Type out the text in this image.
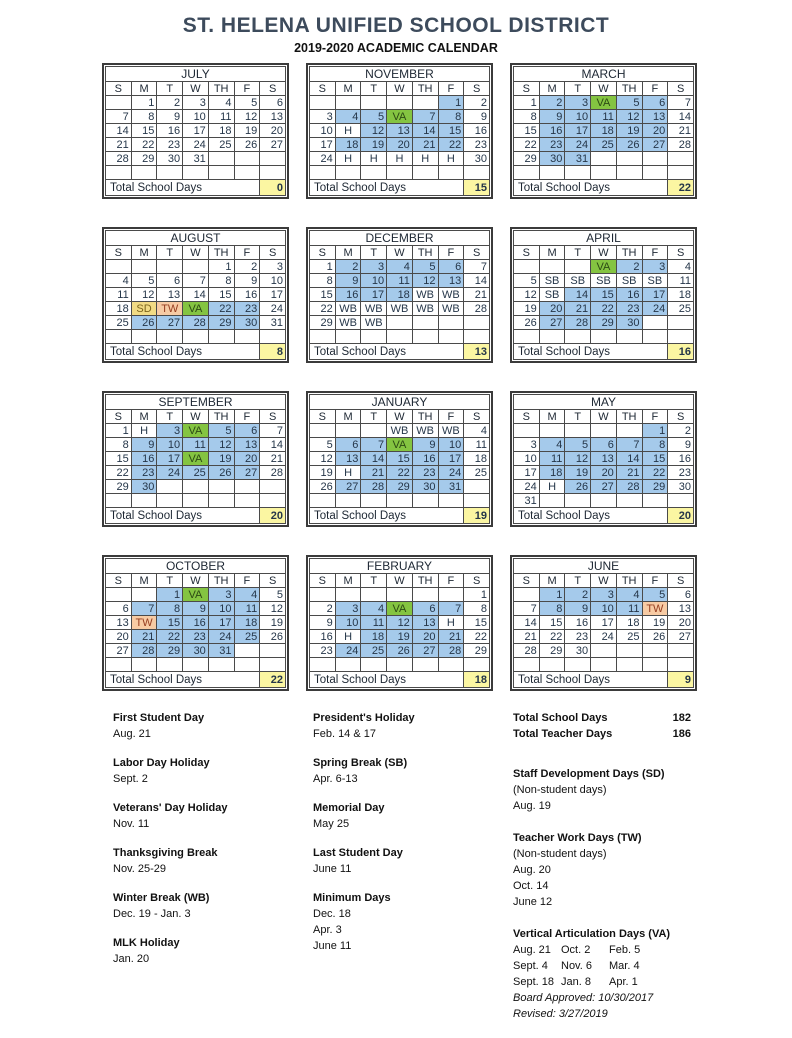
ST. HELENA UNIFIED SCHOOL DISTRICT
2019-2020 ACADEMIC CALENDAR
JULY						
S	M	T	W	TH	F	S
	1	2	3	4	5	6
7	8	9	10	11	12	13
14	15	16	17	18	19	20
21	22	23	24	25	26	27
28	29	30	31			

Total School Days						0
NOVEMBER						
S	M	T	W	TH	F	S
					1	2
3	4	5	VA	7	8	9
10	H	12	13	14	15	16
17	18	19	20	21	22	23
24	H	H	H	H	H	30

Total School Days						15
MARCH						
S	M	T	W	TH	F	S
1	2	3	VA	5	6	7
8	9	10	11	12	13	14
15	16	17	18	19	20	21
22	23	24	25	26	27	28
29	30	31				

Total School Days						22
AUGUST						
S	M	T	W	TH	F	S
				1	2	3
4	5	6	7	8	9	10
11	12	13	14	15	16	17
18	SD	TW	VA	22	23	24
25	26	27	28	29	30	31

Total School Days						8
DECEMBER						
S	M	T	W	TH	F	S
1	2	3	4	5	6	7
8	9	10	11	12	13	14
15	16	17	18	WB	WB	21
22	WB	WB	WB	WB	WB	28
29	WB	WB				

Total School Days						13
APRIL						
S	M	T	W	TH	F	S
			VA	2	3	4
5	SB	SB	SB	SB	SB	11
12	SB	14	15	16	17	18
19	20	21	22	23	24	25
26	27	28	29	30		

Total School Days						16
SEPTEMBER						
S	M	T	W	TH	F	S
1	H	3	VA	5	6	7
8	9	10	11	12	13	14
15	16	17	VA	19	20	21
22	23	24	25	26	27	28
29	30					

Total School Days						20
JANUARY						
S	M	T	W	TH	F	S
			WB	WB	WB	4
5	6	7	VA	9	10	11
12	13	14	15	16	17	18
19	H	21	22	23	24	25
26	27	28	29	30	31	

Total School Days						19
MAY						
S	M	T	W	TH	F	S
					1	2
3	4	5	6	7	8	9
10	11	12	13	14	15	16
17	18	19	20	21	22	23
24	H	26	27	28	29	30
31						
Total School Days						20
OCTOBER						
S	M	T	W	TH	F	S
		1	VA	3	4	5
6	7	8	9	10	11	12
13	TW	15	16	17	18	19
20	21	22	23	24	25	26
27	28	29	30	31		

Total School Days						22
FEBRUARY						
S	M	T	W	TH	F	S
						1
2	3	4	VA	6	7	8
9	10	11	12	13	H	15
16	H	18	19	20	21	22
23	24	25	26	27	28	29

Total School Days						18
JUNE						
S	M	T	W	TH	F	S
	1	2	3	4	5	6
7	8	9	10	11	TW	13
14	15	16	17	18	19	20
21	22	23	24	25	26	27
28	29	30				

Total School Days						9
First Student Day
Aug. 21
Labor Day Holiday
Sept. 2
Veterans' Day Holiday
Nov. 11
Thanksgiving Break
Nov. 25-29
Winter Break (WB)
Dec. 19 - Jan. 3
MLK Holiday
Jan. 20
President's Holiday
Feb. 14 & 17
Spring Break (SB)
Apr. 6-13
Memorial Day
May 25
Last Student Day
June 11
Minimum Days
Dec. 18
Apr. 3
June 11
Total School Days	182
Total Teacher Days	186
Staff Development Days (SD)
(Non-student days)
Aug. 19
Teacher Work Days (TW)
(Non-student days)
Aug. 20
Oct. 14
June 12
Vertical Articulation Days (VA)
Aug. 21 Oct. 2	Feb. 5
Sept. 4	Nov. 6	Mar. 4
Sept. 18 Jan. 8	Apr. 1
Board Approved: 10/30/2017
Revised: 3/27/2019
